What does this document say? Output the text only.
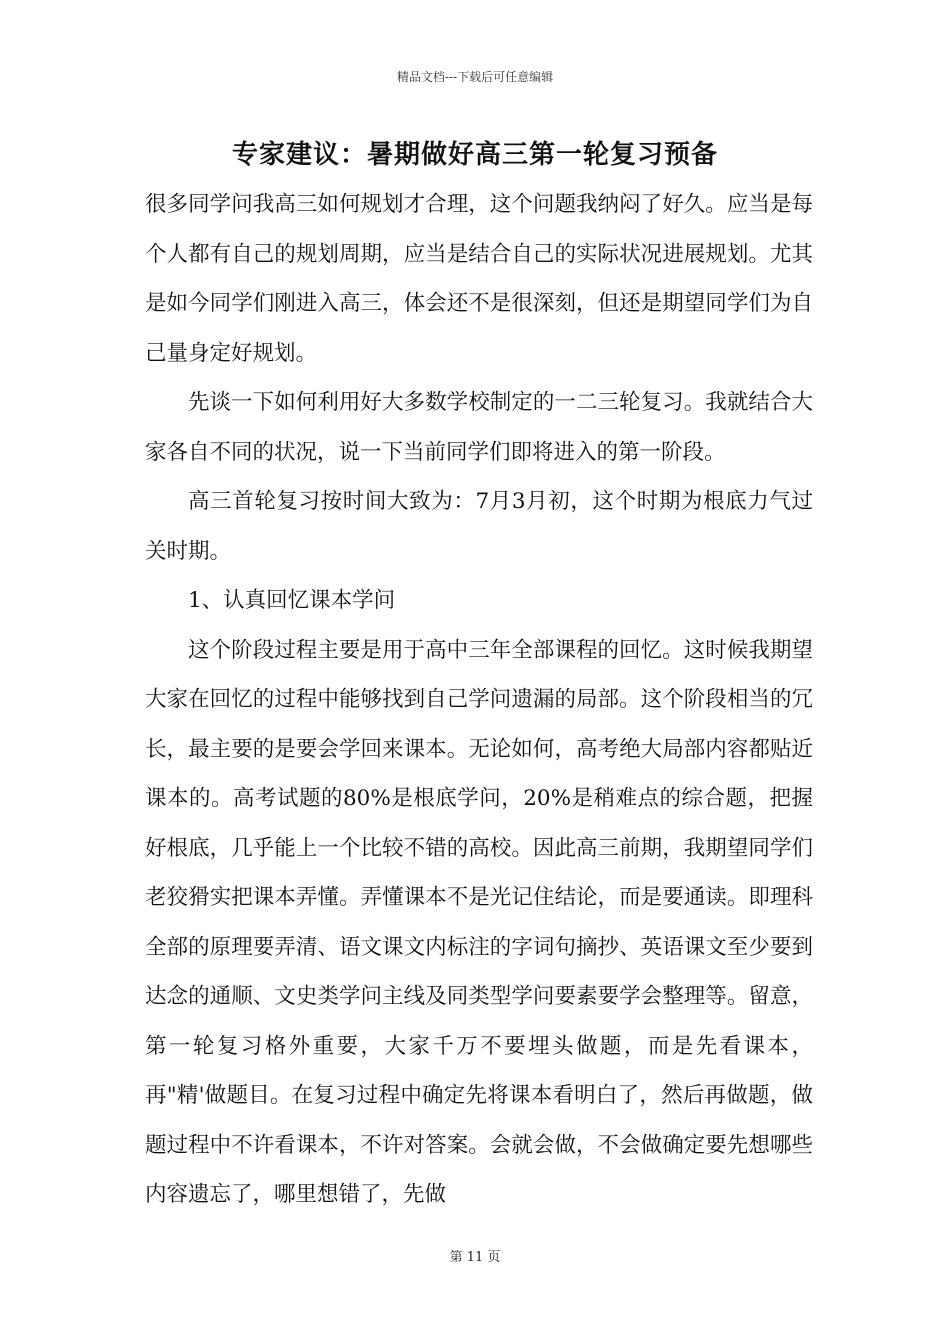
精品文档---下载后可任意编辑
专家建议：暑期做好高三第一轮复习预备

很多同学问我高三如何规划才合理，这个问题我纳闷了好久。应当是每个人都有自己的规划周期，应当是结合自己的实际状况进展规划。尤其是如今同学们刚进入高三，体会还不是很深刻，但还是期望同学们为自己量身定好规划。

先谈一下如何利用好大多数学校制定的一二三轮复习。我就结合大家各自不同的状况，说一下当前同学们即将进入的第一阶段。

高三首轮复习按时间大致为：7月3月初，这个时期为根底力气过关时期。

1、认真回忆课本学问

这个阶段过程主要是用于高中三年全部课程的回忆。这时候我期望大家在回忆的过程中能够找到自己学问遗漏的局部。这个阶段相当的冗长，最主要的是要会学回来课本。无论如何，高考绝大局部内容都贴近课本的。高考试题的80%是根底学问，20%是稍难点的综合题，把握好根底，几乎能上一个比较不错的高校。因此高三前期，我期望同学们老狡猾实把课本弄懂。弄懂课本不是光记住结论，而是要通读。即理科全部的原理要弄清、语文课文内标注的字词句摘抄、英语课文至少要到达念的通顺、文史类学问主线及同类型学问要素要学会整理等。留意，第一轮复习格外重要，大家千万不要埋头做题，而是先看课本，再"精'做题目。在复习过程中确定先将课本看明白了，然后再做题，做题过程中不许看课本，不许对答案。会就会做，不会做确定要先想哪些内容遗忘了，哪里想错了，先做

第 11 页
